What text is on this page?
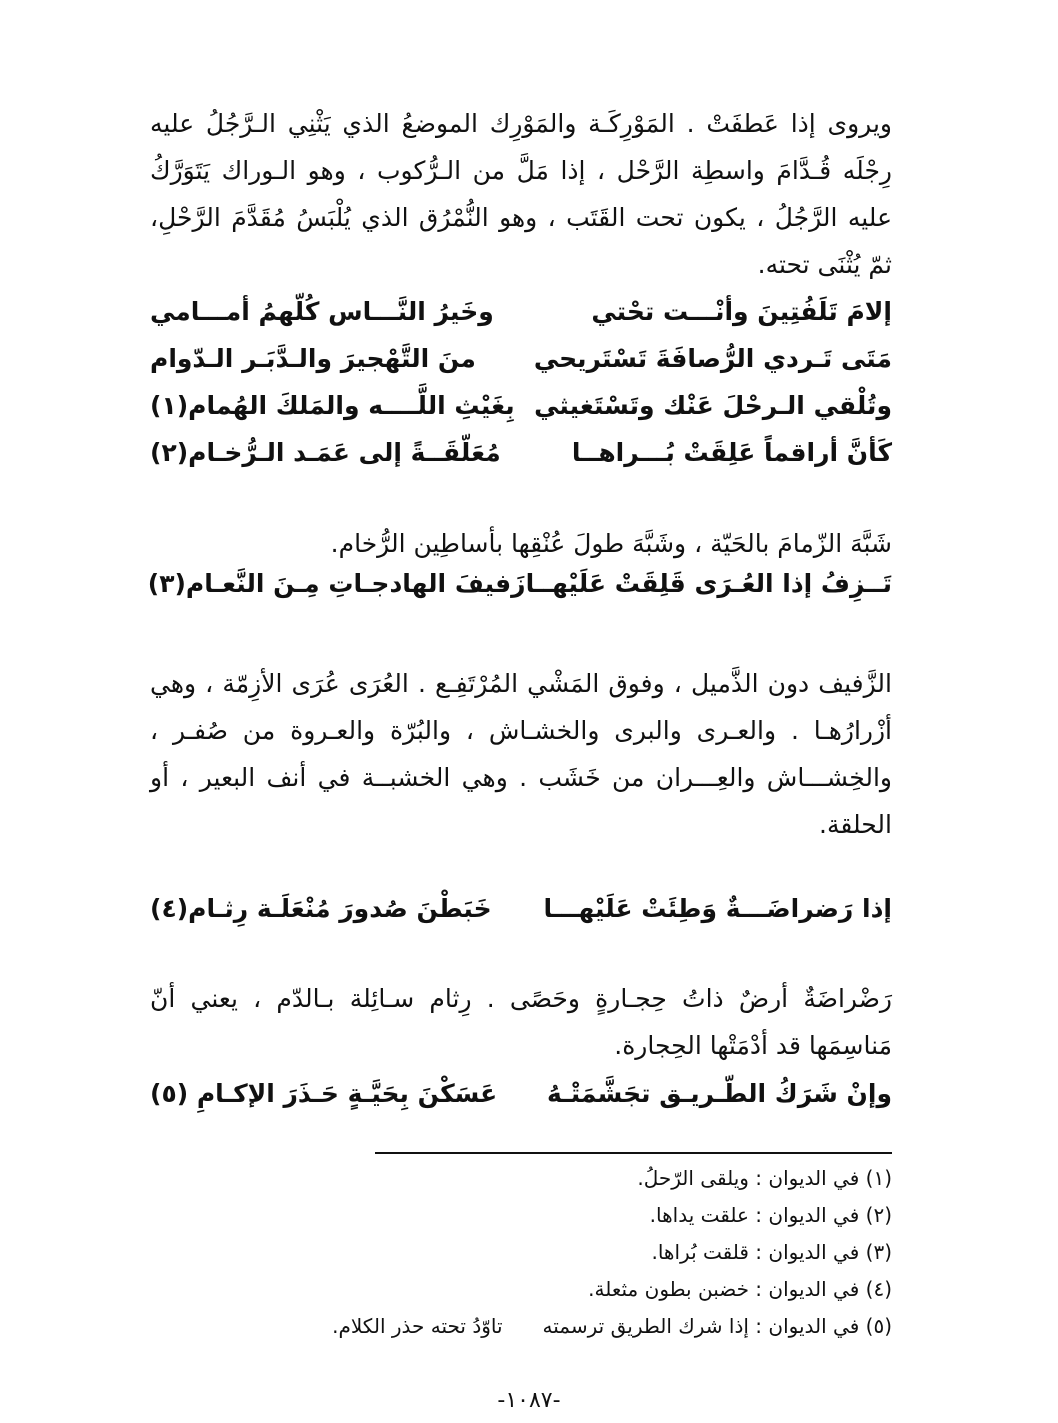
ويروى إذا عَطفَتْ . المَوْرِكَـة والمَوْرِك الموضعُ الذي يَثْنِي الـرَّجُلُ عليه رِجْلَه قُـدَّامَ واسطِة الرَّحْل ، إذا مَلَّ من الـرُّكوب ، وهو الـوراك يَتَوَرَّكُ عليه الرَّجُلُ ، يكون تحت القَتَب ، وهو النُّمْرُق الذي يُلْبَسُ مُقَدَّمَ الرَّحْلِ، ثمّ يُثْنَى تحته.

إلامَ تَلَفُتِينَ وأنْـــت تحْتي
وخَيرُ النَّـــاس كُلّهمُ أمـــامي
مَتَى تَـردي الرُّصافَةَ تَسْتَريحي
منَ التَّهْجيرَ والـدَّبَـر الـدّوام
وتُلْقي الـرحْلَ عَنْك وتَسْتَغيثي
بِغَيْثِ اللَّــــه والمَلكَ الهُمام(١)
كَأنَّ أراقماً عَلِقَتْ بُـــراهــا
مُعَلّقَــةً إلى عَمَـد الـرُّخـام(٢)

شَبَّهَ الزّمامَ بالحَيّة ، وشَبَّهَ طولَ عُنْقِها بأساطِين الرُّخام.

تَــزِفُ إذا العُـرَى قَلِقَتْ عَلَيْهــا
زَفيفَ الهادجـاتِ مِـنَ النَّعـام(٣)

الزَّفيف دون الذَّميل ، وفوق المَشْي المُرْتَفِـع . العُرَى عُرَى الأزِمّة ، وهي أزْرارُهـا . والعـرى والبرى والخشـاش ، والبُرّة والعـروة من صُفـر ، والخِشـــاش والعِـــران من خَشَب . وهي الخشبــة في أنف البعير ، أو الحلقة.

إذا رَضراضَـــةٌ وَطِئَتْ عَلَيْهـــا
خَبَطْنَ صُدورَ مُنْعَلَـة رِثـام(٤)

رَضْراضَةٌ أرضٌ ذاتُ حِجـارةٍ وحَصًى . رِثام سـائِلة بـالدّم ، يعني أنّ مَناسِمَها قد أدْمَتْها الحِجارة.

وإنْ شَرَكُ الطّـريـق تجَشَّمَتْـهُ
عَسَكْنَ بِحَيَّـةٍ حَـذَرَ الإكـامِ (٥)
(١) في الديوان : ويلقى الرّحلُ.
(٢) في الديوان : علقت يداها.
(٣) في الديوان : قلقت بُراها.
(٤) في الديوان : خضبن بطون مثعلة.
(٥) في الديوان : إذا شرك الطريق ترسمتهتاوّدُ تحته حذر الكلام.
-١٠٨٧-
